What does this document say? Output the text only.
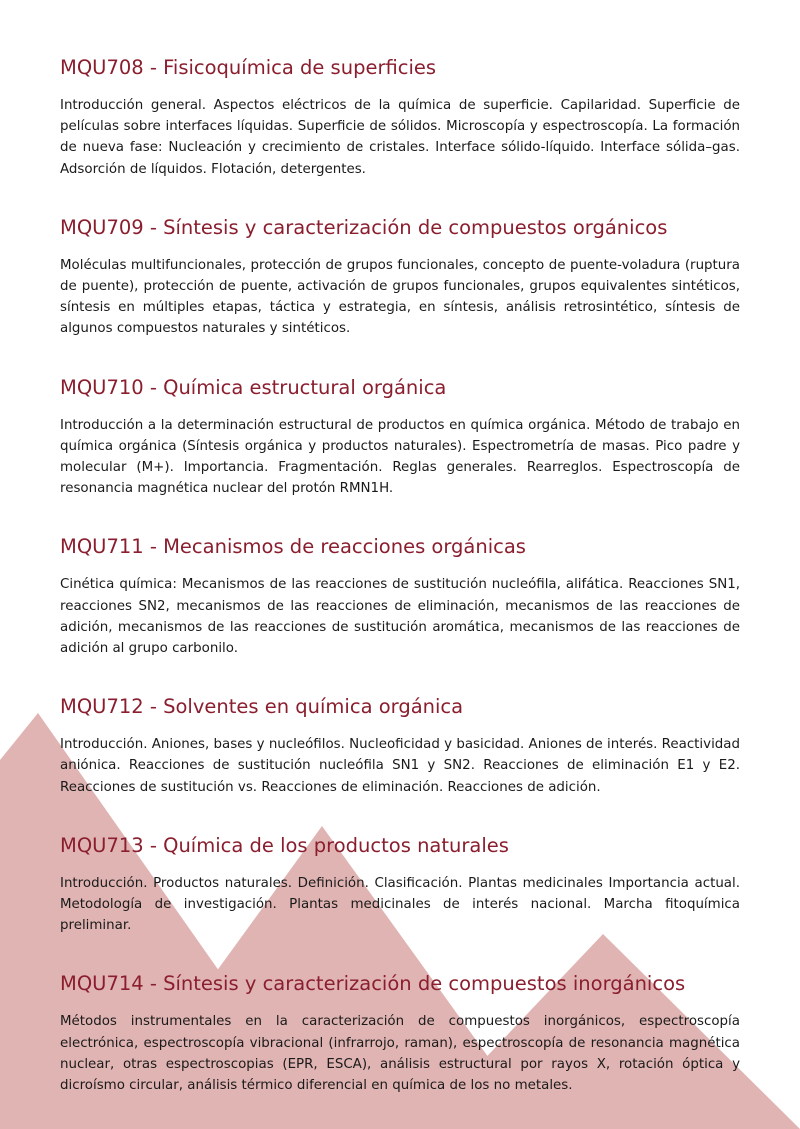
MQU708 - Fisicoquímica de superficies

Introducción general. Aspectos eléctricos de la química de superficie. Capilaridad. Superficie de películas sobre interfaces líquidas. Superficie de sólidos. Microscopía y espectroscopía. La formación de nueva fase: Nucleación y crecimiento de cristales. Interface sólido-líquido. Interface sólida–gas. Adsorción de líquidos. Flotación, detergentes.

MQU709 - Síntesis y caracterización de compuestos orgánicos

Moléculas multifuncionales, protección de grupos funcionales, concepto de puente-voladura (ruptura de puente), protección de puente, activación de grupos funcionales, grupos equivalentes sintéticos, síntesis en múltiples etapas, táctica y estrategia, en síntesis, análisis retrosintético, síntesis de algunos compuestos naturales y sintéticos.

MQU710 - Química estructural orgánica

Introducción a la determinación estructural de productos en química orgánica. Método de trabajo en química orgánica (Síntesis orgánica y productos naturales). Espectrometría de masas. Pico padre y molecular (M+). Importancia. Fragmentación. Reglas generales. Rearreglos. Espectroscopía de resonancia magnética nuclear del protón RMN1H.

MQU711 - Mecanismos de reacciones orgánicas

Cinética química: Mecanismos de las reacciones de sustitución nucleófila, alifática. Reacciones SN1, reacciones SN2, mecanismos de las reacciones de eliminación, mecanismos de las reacciones de adición, mecanismos de las reacciones de sustitución aromática, mecanismos de las reacciones de adición al grupo carbonilo.

MQU712 - Solventes en química orgánica

Introducción. Aniones, bases y nucleófilos. Nucleoficidad y basicidad. Aniones de interés. Reactividad aniónica. Reacciones de sustitución nucleófila SN1 y SN2. Reacciones de eliminación E1 y E2. Reacciones de sustitución vs. Reacciones de eliminación. Reacciones de adición.

MQU713 - Química de los productos naturales

Introducción. Productos naturales. Definición. Clasificación. Plantas medicinales Importancia actual. Metodología de investigación. Plantas medicinales de interés nacional. Marcha fitoquímica preliminar.

MQU714 - Síntesis y caracterización de compuestos inorgánicos

Métodos instrumentales en la caracterización de compuestos inorgánicos, espectroscopía electrónica, espectroscopía vibracional (infrarrojo, raman), espectroscopía de resonancia magnética nuclear, otras espectroscopias (EPR, ESCA), análisis estructural por rayos X, rotación óptica y dicroísmo circular, análisis térmico diferencial en química de los no metales.
